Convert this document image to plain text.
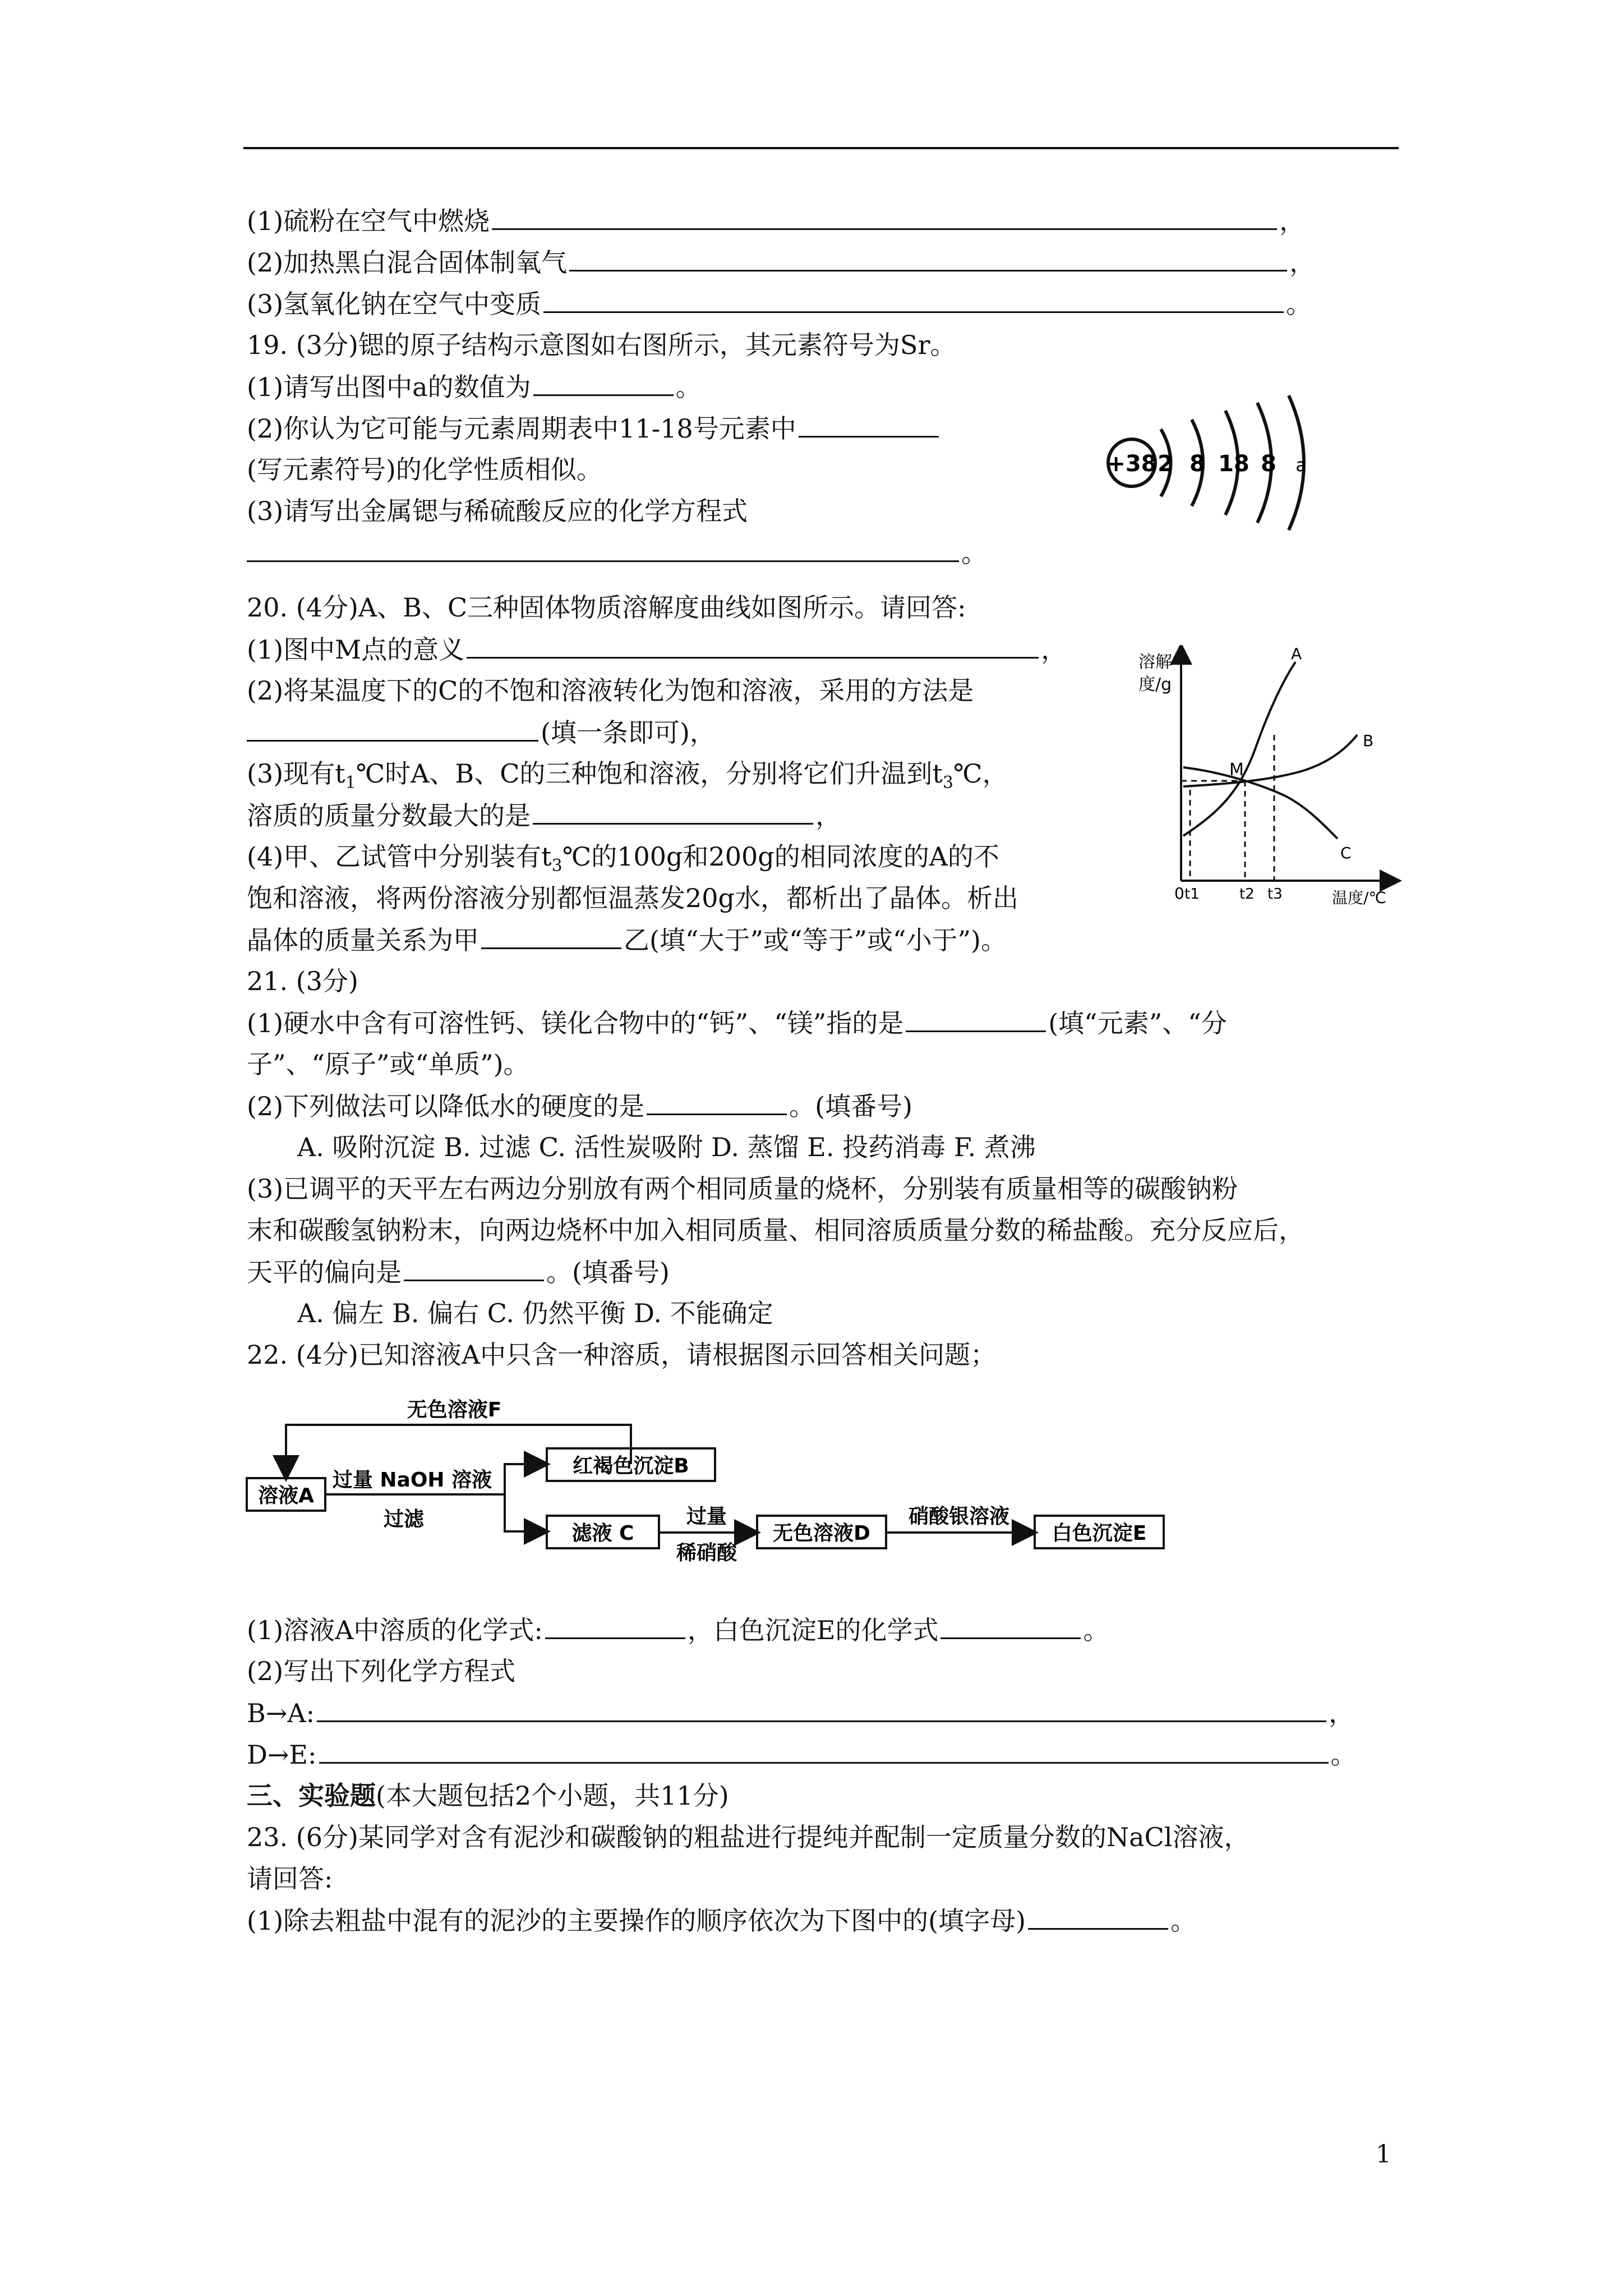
(1)硫粉在空气中燃烧	，
(2)加热黑白混合固体制氧气	，
(3)氢氧化钠在空气中变质	。
19. (3分)锶的原子结构示意图如右图所示，其元素符号为Sr。
(1)请写出图中a的数值为	。
(2)你认为它可能与元素周期表中11-18号元素中
(写元素符号)的化学性质相似。
(3)请写出金属锶与稀硫酸反应的化学方程式
。
+38 2 8 18 8 a
20. (4分)A、B、C三种固体物质溶解度曲线如图所示。请回答:
(1)图中M点的意义	，
(2)将某温度下的C的不饱和溶液转化为饱和溶液，采用的方法是
(填一条即可)，
(3)现有$t_1℃$时A、B、C的三种饱和溶液，分别将它们升温到$t_3℃$，
溶质的质量分数最大的是	，
(4)甲、乙试管中分别装有$t_3℃$的100g和200g的相同浓度的A的不
饱和溶液，将两份溶液分别都恒温蒸发20g水，都析出了晶体。析出
晶体的质量关系为甲	乙(填“大于”或“等于”或“小于”)。
溶解
度/g
温度/℃
0 t1	t2 t3
A
B
C
M
21. (3分)
(1)硬水中含有可溶性钙、镁化合物中的“钙”、“镁”指的是	(填“元素”、“分
子”、“原子”或“单质”)。
(2)下列做法可以降低水的硬度的是	。(填番号)
A. 吸附沉淀 B. 过滤 C. 活性炭吸附 D. 蒸馏 E. 投药消毒 F. 煮沸
(3)已调平的天平左右两边分别放有两个相同质量的烧杯，分别装有质量相等的碳酸钠粉
末和碳酸氢钠粉末，向两边烧杯中加入相同质量、相同溶质质量分数的稀盐酸。充分反应后，
天平的偏向是	。(填番号)
A. 偏左 B. 偏右 C. 仍然平衡 D. 不能确定
22. (4分)已知溶液A中只含一种溶质，请根据图示回答相关问题；
溶液A
无色溶液F
过量 NaOH 溶液
过滤
红褐色沉淀B
滤液 C
过量
稀硝酸
无色溶液D
硝酸银溶液
白色沉淀E
(1)溶液A中溶质的化学式:	，白色沉淀E的化学式	。
(2)写出下列化学方程式
B→A:	，
D→E:	。
三、实验题(本大题包括2个小题，共11分)
23. (6分)某同学对含有泥沙和碳酸钠的粗盐进行提纯并配制一定质量分数的NaCl溶液，
请回答:
(1)除去粗盐中混有的泥沙的主要操作的顺序依次为下图中的(填字母)	。
1
